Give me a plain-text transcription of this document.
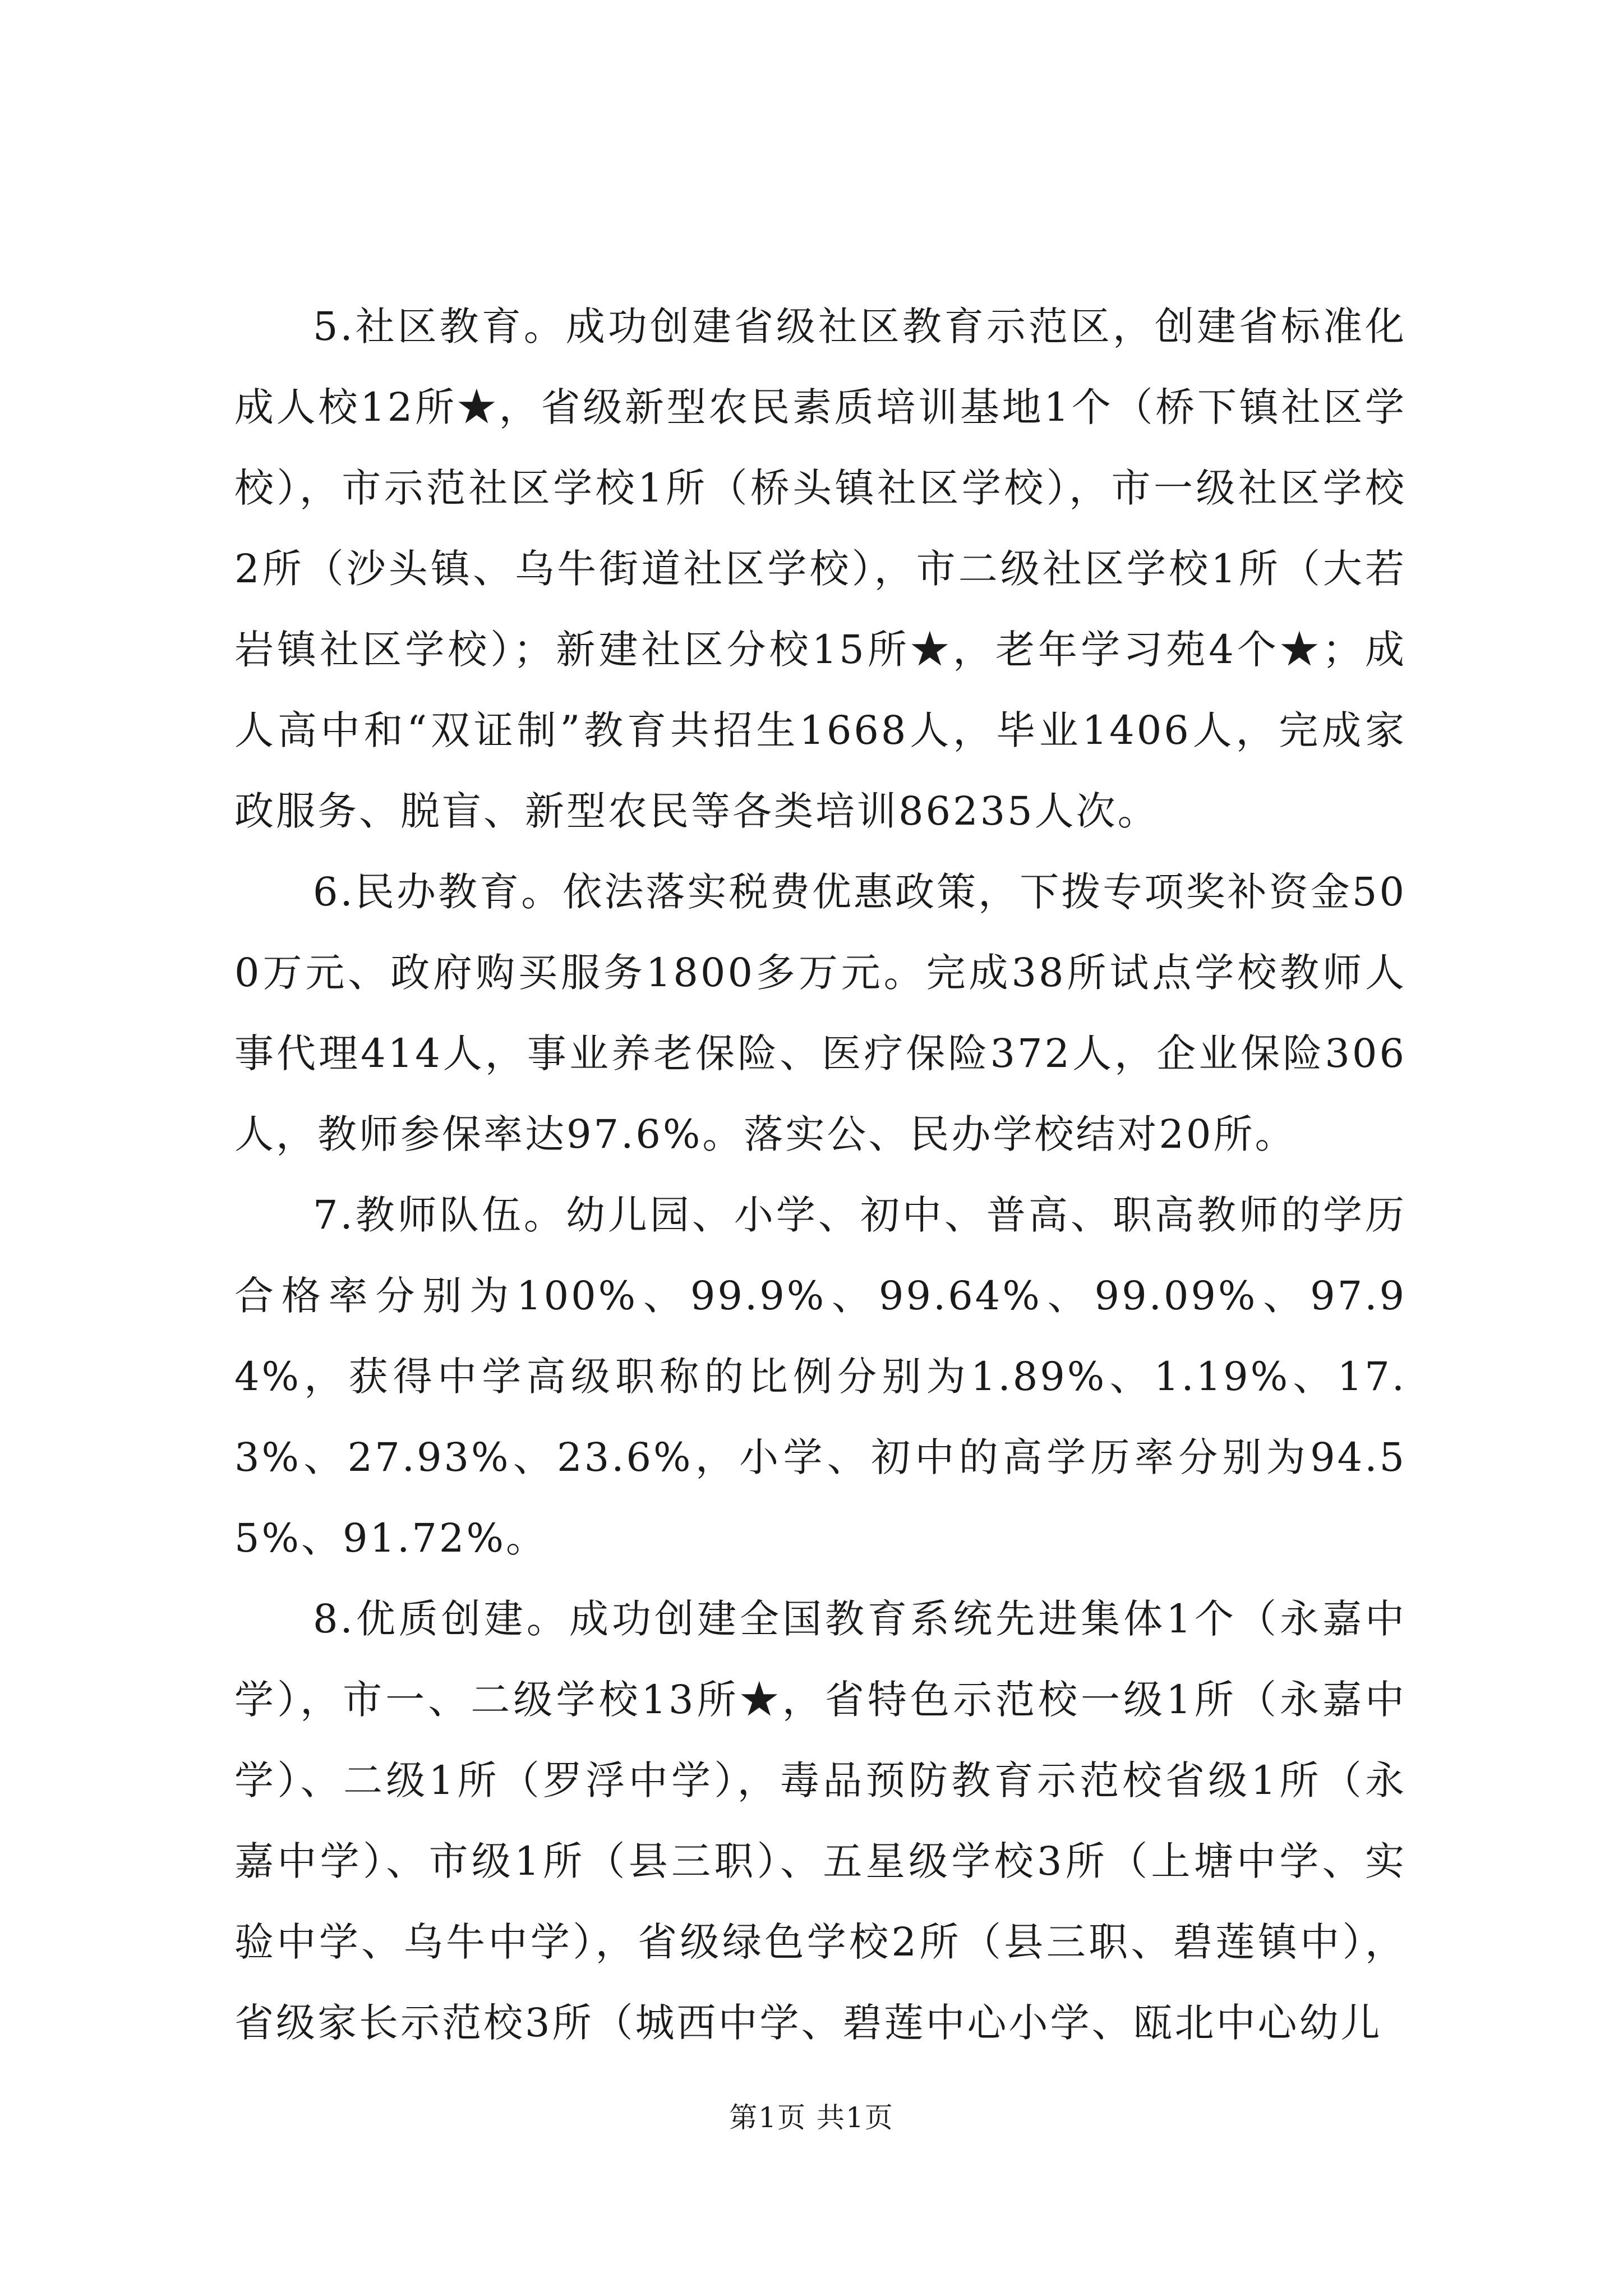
5.社区教育。成功创建省级社区教育示范区，创建省标准化成人校12所★，省级新型农民素质培训基地1个（桥下镇社区学校），市示范社区学校1所（桥头镇社区学校），市一级社区学校2所（沙头镇、乌牛街道社区学校），市二级社区学校1所（大若岩镇社区学校）；新建社区分校15所★，老年学习苑4个★；成人高中和“双证制”教育共招生1668人，毕业1406人，完成家政服务、脱盲、新型农民等各类培训86235人次。

6.民办教育。依法落实税费优惠政策，下拨专项奖补资金500万元、政府购买服务1800多万元。完成38所试点学校教师人事代理414人，事业养老保险、医疗保险372人，企业保险306人，教师参保率达97.6%。落实公、民办学校结对20所。

7.教师队伍。幼儿园、小学、初中、普高、职高教师的学历合格率分别为100%、99.9%、99.64%、99.09%、97.94%，获得中学高级职称的比例分别为1.89%、1.19%、17.3%、27.93%、23.6%，小学、初中的高学历率分别为94.55%、91.72%。

8.优质创建。成功创建全国教育系统先进集体1个（永嘉中学），市一、二级学校13所★，省特色示范校一级1所（永嘉中学）、二级1所（罗浮中学），毒品预防教育示范校省级1所（永嘉中学）、市级1所（县三职）、五星级学校3所（上塘中学、实验中学、乌牛中学），省级绿色学校2所（县三职、碧莲镇中），省级家长示范校3所（城西中学、碧莲中心小学、瓯北中心幼儿

第1页 共1页
